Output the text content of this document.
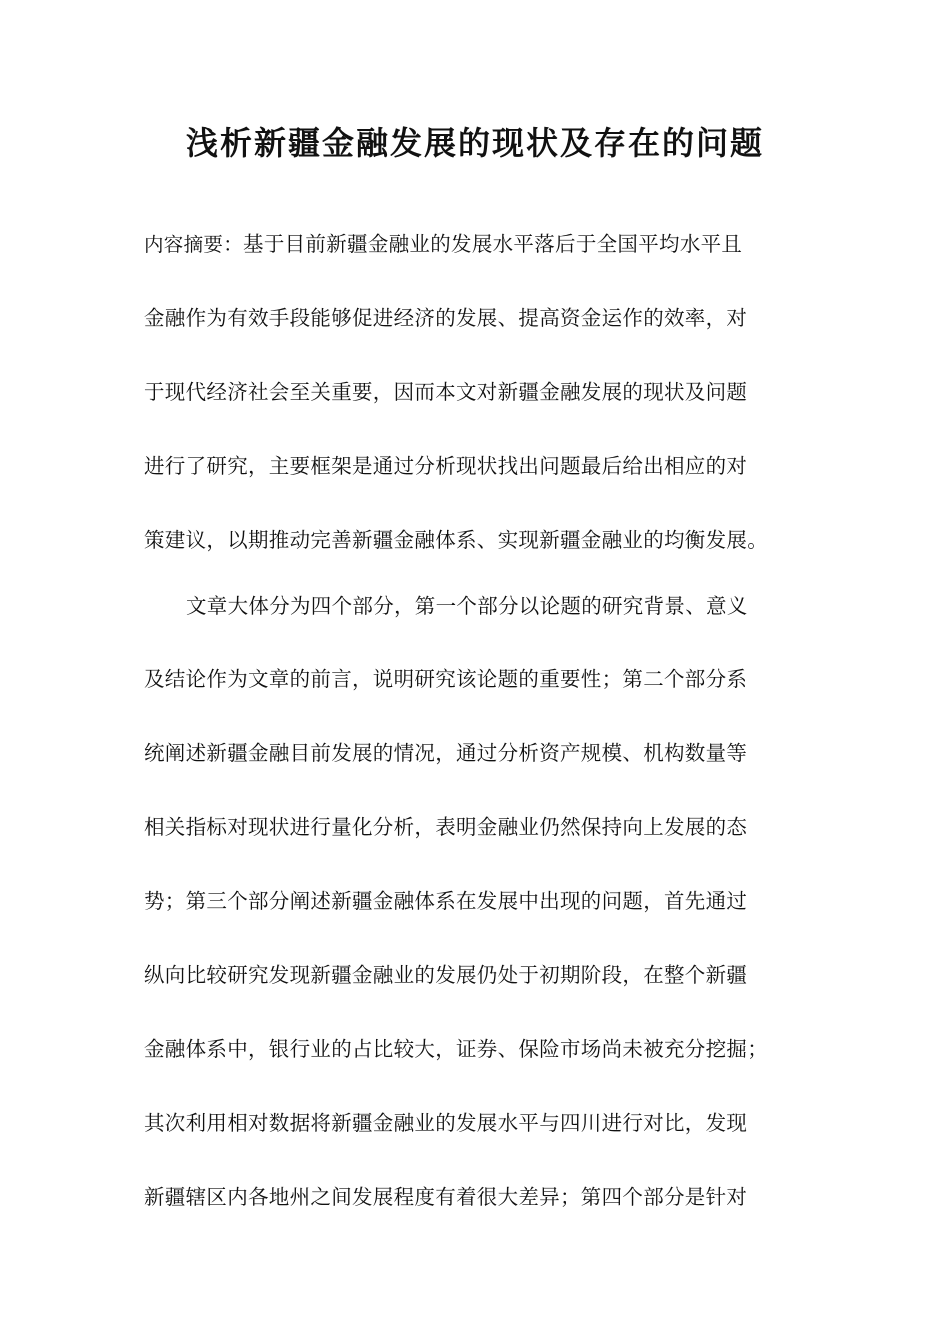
浅析新疆金融发展的现状及存在的问题
内容摘要：基于目前新疆金融业的发展水平落后于全国平均水平且
金融作为有效手段能够促进经济的发展、提高资金运作的效率，对
于现代经济社会至关重要，因而本文对新疆金融发展的现状及问题
进行了研究，主要框架是通过分析现状找出问题最后给出相应的对
策建议，以期推动完善新疆金融体系、实现新疆金融业的均衡发展。
文章大体分为四个部分，第一个部分以论题的研究背景、意义
及结论作为文章的前言，说明研究该论题的重要性；第二个部分系
统阐述新疆金融目前发展的情况，通过分析资产规模、机构数量等
相关指标对现状进行量化分析，表明金融业仍然保持向上发展的态
势；第三个部分阐述新疆金融体系在发展中出现的问题，首先通过
纵向比较研究发现新疆金融业的发展仍处于初期阶段，在整个新疆
金融体系中，银行业的占比较大，证券、保险市场尚未被充分挖掘；
其次利用相对数据将新疆金融业的发展水平与四川进行对比，发现
新疆辖区内各地州之间发展程度有着很大差异；第四个部分是针对
